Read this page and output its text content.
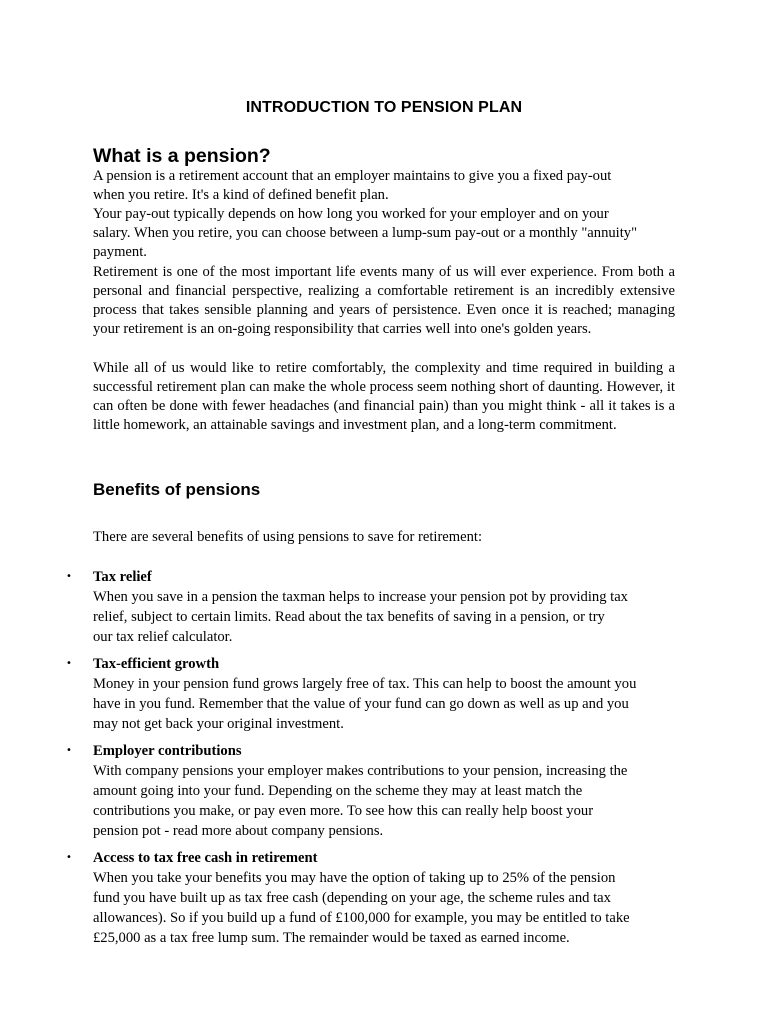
INTRODUCTION TO PENSION PLAN
What is a pension?

A pension is a retirement account that an employer maintains to give you a fixed pay-out
when you retire. It's a kind of defined benefit plan.
Your pay-out typically depends on how long you worked for your employer and on your
salary. When you retire, you can choose between a lump-sum pay-out or a monthly "annuity"
payment.

Retirement is one of the most important life events many of us will ever experience. From both a personal and financial perspective, realizing a comfortable retirement is an incredibly extensive process that takes sensible planning and years of persistence. Even once it is reached; managing your retirement is an on-going responsibility that carries well into one's golden years.

While all of us would like to retire comfortably, the complexity and time required in building a successful retirement plan can make the whole process seem nothing short of daunting. However, it can often be done with fewer headaches (and financial pain) than you might think - all it takes is a little homework, an attainable savings and investment plan, and a long-term commitment.

Benefits of pensions

There are several benefits of using pensions to save for retirement:

• Tax relief
When you save in a pension the taxman helps to increase your pension pot by providing tax
relief, subject to certain limits. Read about the tax benefits of saving in a pension, or try
our tax relief calculator.
• Tax-efficient growth
Money in your pension fund grows largely free of tax. This can help to boost the amount you
have in you fund. Remember that the value of your fund can go down as well as up and you
may not get back your original investment.
• Employer contributions
With company pensions your employer makes contributions to your pension, increasing the
amount going into your fund. Depending on the scheme they may at least match the
contributions you make, or pay even more. To see how this can really help boost your
pension pot - read more about company pensions.
• Access to tax free cash in retirement
When you take your benefits you may have the option of taking up to 25% of the pension
fund you have built up as tax free cash (depending on your age, the scheme rules and tax
allowances). So if you build up a fund of £100,000 for example, you may be entitled to take
£25,000 as a tax free lump sum. The remainder would be taxed as earned income.
